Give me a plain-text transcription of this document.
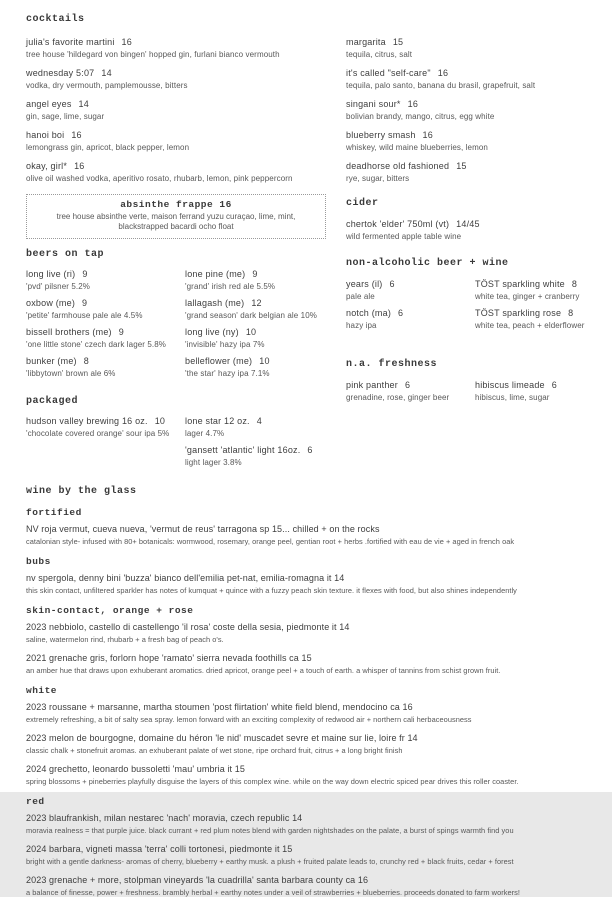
cocktails
julia's favorite martini 16
tree house 'hildegard von bingen' hopped gin, furlani bianco vermouth
wednesday 5:07 14
vodka, dry vermouth, pamplemousse, bitters
angel eyes 14
gin, sage, lime, sugar
hanoi boi 16
lemongrass gin, apricot, black pepper, lemon
okay, girl* 16
olive oil washed vodka, aperitivo rosato, rhubarb, lemon, pink peppercorn
absinthe frappe 16
tree house absinthe verte, maison ferrand yuzu curaçao, lime, mint, blackstrapped bacardi ocho float
beers on tap
long live (ri) 9
'pvd' pilsner 5.2%
lone pine (me) 9
'grand' irish red ale 5.5%
oxbow (me) 9
'petite' farmhouse pale ale 4.5%
lallagash (me) 12
'grand season' dark belgian ale 10%
bissell brothers (me) 9
'one little stone' czech dark lager 5.8%
long live (ny) 10
'invisible' hazy ipa 7%
bunker (me) 8
'libbytown' brown ale 6%
belleflower (me) 10
'the star' hazy ipa 7.1%
packaged
hudson valley brewing 16 oz. 10
'chocolate covered orange' sour ipa 5%
lone star 12 oz. 4
lager 4.7%
'gansett 'atlantic' light 16oz. 6
light lager 3.8%
margarita 15
tequila, citrus, salt
it's called "self-care" 16
tequila, palo santo, banana du brasil, grapefruit, salt
singani sour* 16
bolivian brandy, mango, citrus, egg white
blueberry smash 16
whiskey, wild maine blueberries, lemon
deadhorse old fashioned 15
rye, sugar, bitters
cider
chertok 'elder' 750ml (vt) 14/45
wild fermented apple table wine
non-alcoholic beer + wine
years (il) 6
pale ale
TÖST sparkling white 8
white tea, ginger + cranberry
notch (ma) 6
hazy ipa
TÖST sparkling rose 8
white tea, peach + elderflower
n.a. freshness
pink panther 6
grenadine, rose, ginger beer
hibiscus limeade 6
hibiscus, lime, sugar
wine by the glass
fortified
NV roja vermut, cueva nueva, 'vermut de reus' tarragona sp 15... chilled + on the rocks
catalonian style- infused with 80+ botanicals: wormwood, rosemary, orange peel, gentian root + herbs .fortified with eau de vie + aged in french oak
bubs
nv spergola, denny bini 'buzza' bianco dell'emilia pet-nat, emilia-romagna it 14
this skin contact, unfiltered sparkler has notes of kumquat + quince with a fuzzy peach skin texture. it flexes with food, but also shines independently
skin-contact, orange + rose
2023 nebbiolo, castello di castellengo 'il rosa' coste della sesia, piedmonte it 14
saline, watermelon rind, rhubarb + a fresh bag of peach o's.
2021 grenache gris, forlorn hope 'ramato' sierra nevada foothills ca 15
an amber hue that draws upon exhuberant aromatics. dried apricot, orange peel + a touch of earth. a whisper of tannins from schist grown fruit.
white
2023 roussane + marsanne, martha stoumen 'post flirtation' white field blend, mendocino ca 16
extremely refreshing, a bit of salty sea spray. lemon forward with an exciting complexity of redwood air + northern cali herbaceousness
2023 melon de bourgogne, domaine du héron 'le nid' muscadet sevre et maine sur lie, loire fr 14
classic chalk + stonefruit aromas. an exhuberant palate of wet stone, ripe orchard fruit, citrus + a long bright finish
2024 grechetto, leonardo bussoletti 'mau' umbria it 15
spring blossoms + pineberries playfully disguise the layers of this complex wine. while on the way down electric spiced pear drives this roller coaster.
red
2023 blaufrankish, milan nestarec 'nach' moravia, czech republic 14
moravia realness = that purple juice. black currant + red plum notes blend with garden nightshades on the palate, a burst of spings warmth find you
2024 barbara, vigneti massa 'terra' colli tortonesi, piedmonte it 15
bright with a gentle darkness- aromas of cherry, blueberry + earthy musk. a plush + fruited palate leads to, crunchy red + black fruits, cedar + forest
2023 grenache + more, stolpman vineyards 'la cuadrilla' santa barbara county ca 16
a balance of finesse, power + freshness. brambly herbal + earthy notes under a veil of strawberries + blueberries. proceeds donated to farm workers!
